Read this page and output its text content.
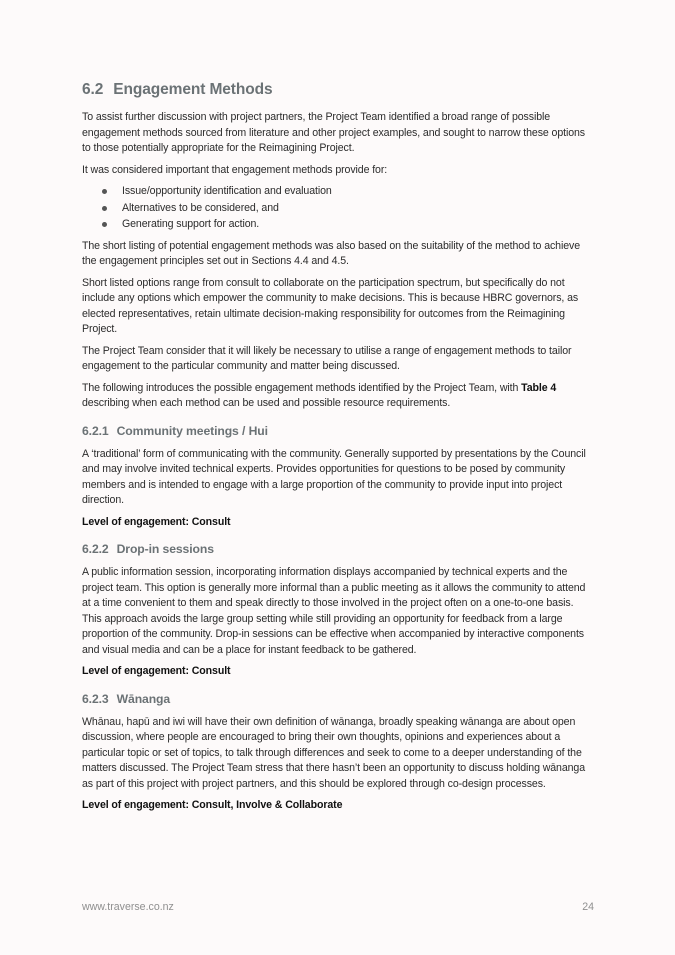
6.2 Engagement Methods

To assist further discussion with project partners, the Project Team identified a broad range of possible engagement methods sourced from literature and other project examples, and sought to narrow these options to those potentially appropriate for the Reimagining Project.

It was considered important that engagement methods provide for:

Issue/opportunity identification and evaluation
Alternatives to be considered, and
Generating support for action.

The short listing of potential engagement methods was also based on the suitability of the method to achieve the engagement principles set out in Sections 4.4 and 4.5.

Short listed options range from consult to collaborate on the participation spectrum, but specifically do not include any options which empower the community to make decisions. This is because HBRC governors, as elected representatives, retain ultimate decision-making responsibility for outcomes from the Reimagining Project.

The Project Team consider that it will likely be necessary to utilise a range of engagement methods to tailor engagement to the particular community and matter being discussed.

The following introduces the possible engagement methods identified by the Project Team, with Table 4 describing when each method can be used and possible resource requirements.

6.2.1 Community meetings / Hui

A ‘traditional’ form of communicating with the community. Generally supported by presentations by the Council and may involve invited technical experts. Provides opportunities for questions to be posed by community members and is intended to engage with a large proportion of the community to provide input into project direction.

Level of engagement: Consult

6.2.2 Drop-in sessions

A public information session, incorporating information displays accompanied by technical experts and the project team. This option is generally more informal than a public meeting as it allows the community to attend at a time convenient to them and speak directly to those involved in the project often on a one-to-one basis. This approach avoids the large group setting while still providing an opportunity for feedback from a large proportion of the community. Drop-in sessions can be effective when accompanied by interactive components and visual media and can be a place for instant feedback to be gathered.

Level of engagement: Consult

6.2.3 Wānanga

Whānau, hapū and iwi will have their own definition of wānanga, broadly speaking wānanga are about open discussion, where people are encouraged to bring their own thoughts, opinions and experiences about a particular topic or set of topics, to talk through differences and seek to come to a deeper understanding of the matters discussed. The Project Team stress that there hasn’t been an opportunity to discuss holding wānanga as part of this project with project partners, and this should be explored through co-design processes.

Level of engagement: Consult, Involve & Collaborate

www.traverse.co.nz	24
